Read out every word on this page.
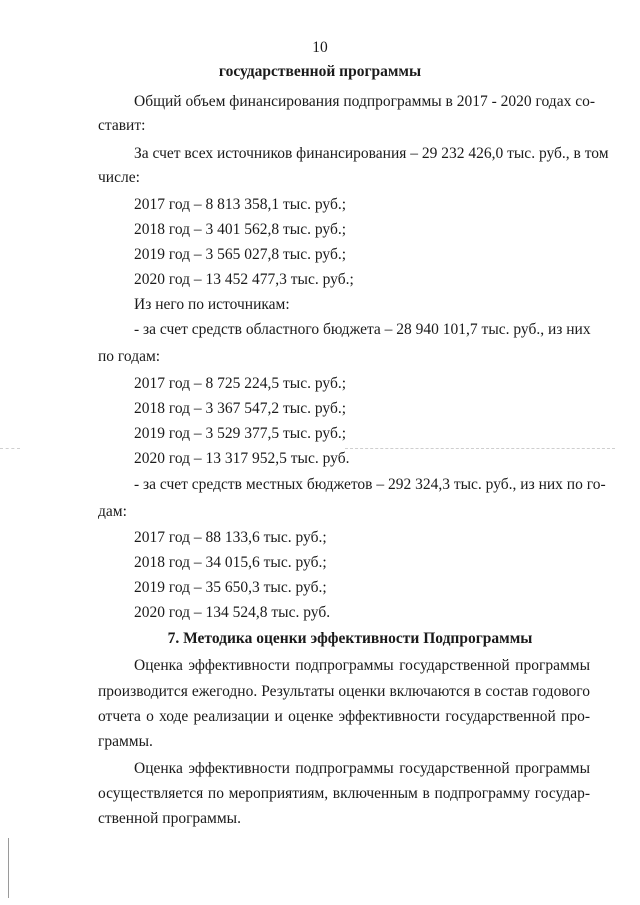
10
государственной программы
Общий объем финансирования подпрограммы в 2017 - 2020 годах со-
ставит:
За счет всех источников финансирования – 29 232 426,0 тыс. руб., в том
числе:
2017 год – 8 813 358,1 тыс. руб.;
2018 год – 3 401 562,8 тыс. руб.;
2019 год – 3 565 027,8 тыс. руб.;
2020 год – 13 452 477,3 тыс. руб.;
Из него по источникам:
- за счет средств областного бюджета – 28 940 101,7 тыс. руб., из них
по годам:
2017 год – 8 725 224,5 тыс. руб.;
2018 год – 3 367 547,2 тыс. руб.;
2019 год – 3 529 377,5 тыс. руб.;
2020 год – 13 317 952,5 тыс. руб.
- за счет средств местных бюджетов – 292 324,3 тыс. руб., из них по го-
дам:
2017 год – 88 133,6 тыс. руб.;
2018 год – 34 015,6 тыс. руб.;
2019 год – 35 650,3 тыс. руб.;
2020 год – 134 524,8 тыс. руб.
7. Методика оценки эффективности Подпрограммы
Оценка эффективности подпрограммы государственной программы
производится ежегодно. Результаты оценки включаются в состав годового
отчета о ходе реализации и оценке эффективности государственной про-
граммы.
Оценка эффективности подпрограммы государственной программы
осуществляется по мероприятиям, включенным в подпрограмму государ-
ственной программы.
